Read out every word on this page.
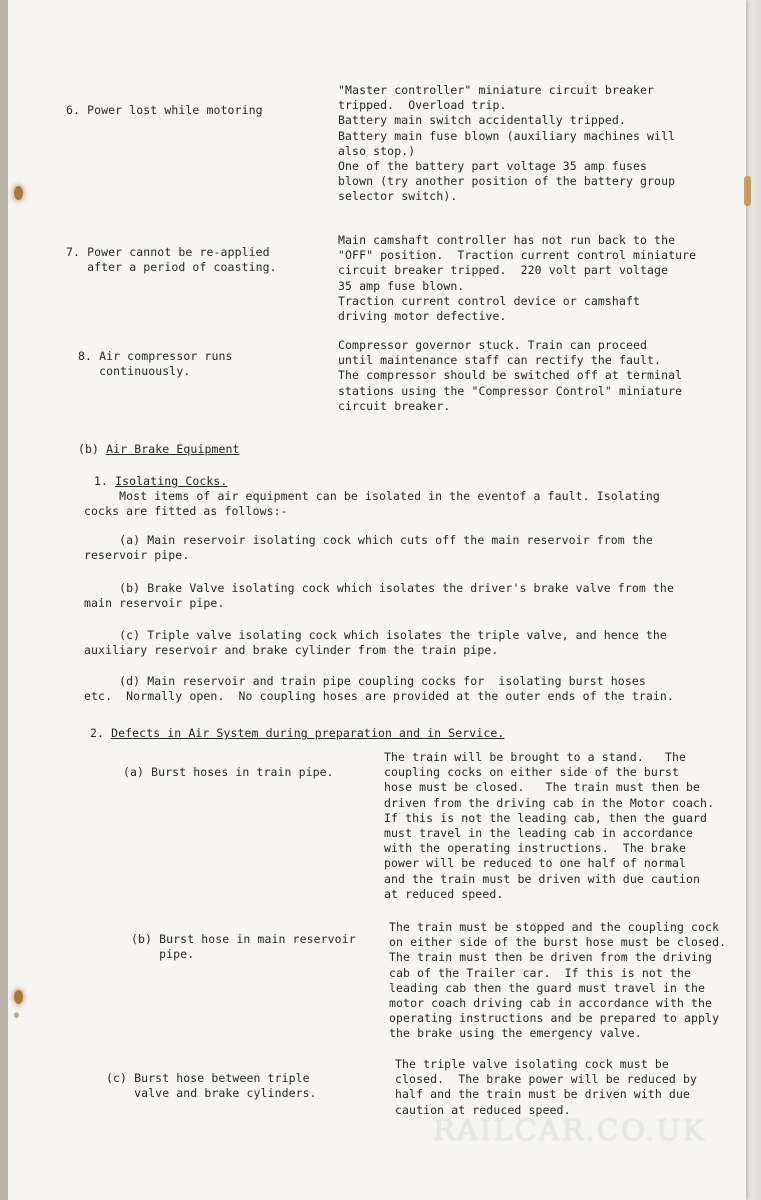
6. Power lost while motoring

"Master controller" miniature circuit breaker
tripped.  Overload trip.
Battery main switch accidentally tripped.
Battery main fuse blown (auxiliary machines will
also stop.)
One of the battery part voltage 35 amp fuses
blown (try another position of the battery group
selector switch).

7. Power cannot be re-applied
after a period of coasting.

Main camshaft controller has not run back to the
"OFF" position.  Traction current control miniature
circuit breaker tripped.  220 volt part voltage
35 amp fuse blown.
Traction current control device or camshaft
driving motor defective.

8. Air compressor runs
continuously.

Compressor governor stuck. Train can proceed
until maintenance staff can rectify the fault.
The compressor should be switched off at terminal
stations using the "Compressor Control" miniature
circuit breaker.

(b) Air Brake Equipment

1. Isolating Cocks.

Most items of air equipment can be isolated in the eventof a fault. Isolating
cocks are fitted as follows:-

(a) Main reservoir isolating cock which cuts off the main reservoir from the
reservoir pipe.

(b) Brake Valve isolating cock which isolates the driver's brake valve from the
main reservoir pipe.

(c) Triple valve isolating cock which isolates the triple valve, and hence the
auxiliary reservoir and brake cylinder from the train pipe.

(d) Main reservoir and train pipe coupling cocks for  isolating burst hoses
etc.  Normally open.  No coupling hoses are provided at the outer ends of the train.

2. Defects in Air System during preparation and in Service.

(a) Burst hoses in train pipe.

The train will be brought to a stand.   The
coupling cocks on either side of the burst
hose must be closed.   The train must then be
driven from the driving cab in the Motor coach.
If this is not the leading cab, then the guard
must travel in the leading cab in accordance
with the operating instructions.  The brake
power will be reduced to one half of normal
and the train must be driven with due caution
at reduced speed.

(b) Burst hose in main reservoir
pipe.

The train must be stopped and the coupling cock
on either side of the burst hose must be closed.
The train must then be driven from the driving
cab of the Trailer car.  If this is not the
leading cab then the guard must travel in the
motor coach driving cab in accordance with the
operating instructions and be prepared to apply
the brake using the emergency valve.

(c) Burst hose between triple
valve and brake cylinders.

The triple valve isolating cock must be
closed.  The brake power will be reduced by
half and the train must be driven with due
caution at reduced speed.

RAILCAR.CO.UK
